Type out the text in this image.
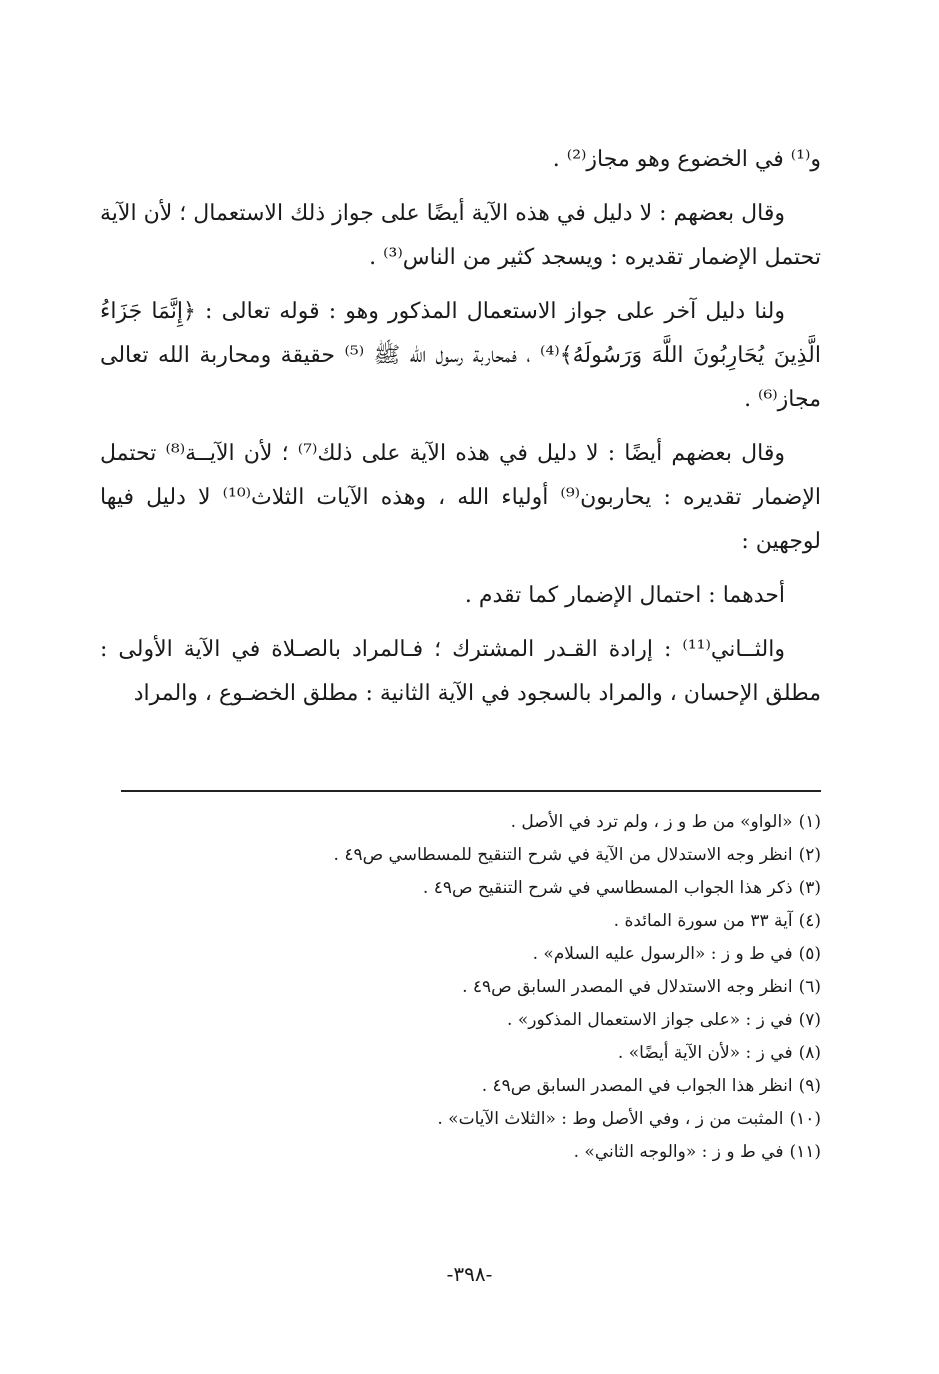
و⁽¹⁾ في الخضوع وهو مجاز⁽²⁾ .

وقال بعضهم : لا دليل في هذه الآية أيضًا على جواز ذلك الاستعمال ؛ لأن الآية تحتمل الإضمار تقديره : ويسجد كثير من الناس⁽³⁾ .

ولنا دليل آخر على جواز الاستعمال المذكور وهو : قوله تعالى : ﴿إِنَّمَا جَزَاءُ الَّذِينَ يُحَارِبُونَ اللَّهَ وَرَسُولَهُ﴾⁽⁴⁾ ، فمحاربة رسول الله ﷺ ⁽⁵⁾ حقيقة ومحاربة الله تعالى مجاز⁽⁶⁾ .

وقال بعضهم أيضًا : لا دليل في هذه الآية على ذلك⁽⁷⁾ ؛ لأن الآيــة⁽⁸⁾ تحتمل الإضمار تقديره : يحاربون⁽⁹⁾ أولياء الله ، وهذه الآيات الثلاث⁽¹⁰⁾ لا دليل فيها لوجهين :

أحدهما : احتمال الإضمار كما تقدم .

والثــاني⁽¹¹⁾ : إرادة القـدر المشترك ؛ فـالمراد بالصـلاة في الآية الأولى : مطلق الإحسان ، والمراد بالسجود في الآية الثانية : مطلق الخضـوع ، والمراد

(١)«الواو» من ط و ز ، ولم ترد في الأصل .
(٢)انظر وجه الاستدلال من الآية في شرح التنقيح للمسطاسي ص٤٩ .
(٣)ذكر هذا الجواب المسطاسي في شرح التنقيح ص٤٩ .
(٤)آية ٣٣ من سورة المائدة .
(٥)في ط و ز : «الرسول عليه السلام» .
(٦)انظر وجه الاستدلال في المصدر السابق ص٤٩ .
(٧)في ز : «على جواز الاستعمال المذكور» .
(٨)في ز : «لأن الآية أيضًا» .
(٩)انظر هذا الجواب في المصدر السابق ص٤٩ .
(١٠)المثبت من ز ، وفي الأصل وط : «الثلاث الآيات» .
(١١)في ط و ز : «والوجه الثاني» .
-٣٩٨-
